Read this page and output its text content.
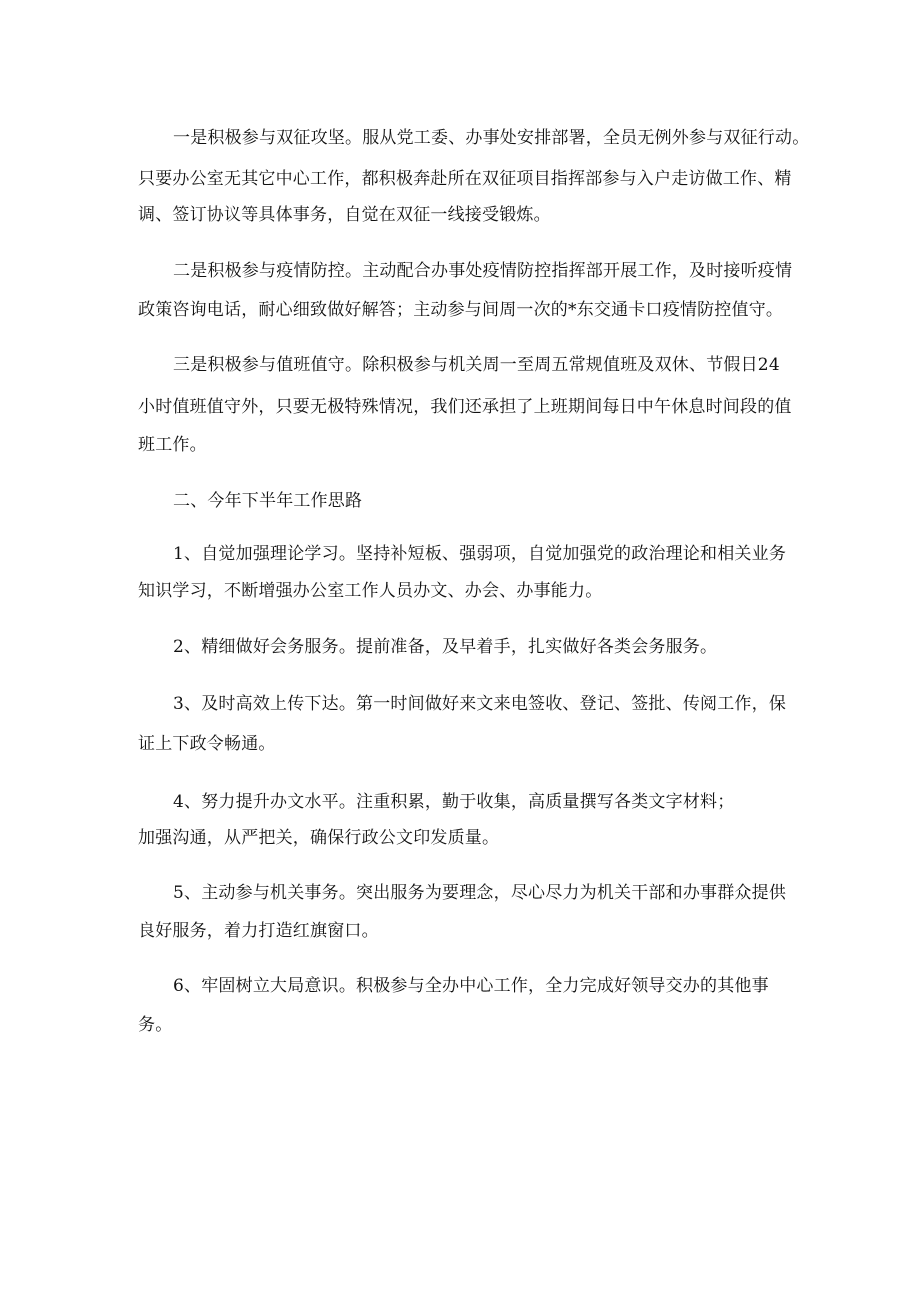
一是积极参与双征攻坚。服从党工委、办事处安排部署，全员无例外参与双征行动。
只要办公室无其它中心工作，都积极奔赴所在双征项目指挥部参与入户走访做工作、精
调、签订协议等具体事务，自觉在双征一线接受锻炼。
二是积极参与疫情防控。主动配合办事处疫情防控指挥部开展工作，及时接听疫情
政策咨询电话，耐心细致做好解答；主动参与间周一次的*东交通卡口疫情防控值守。
三是积极参与值班值守。除积极参与机关周一至周五常规值班及双休、节假日24
小时值班值守外，只要无极特殊情况，我们还承担了上班期间每日中午休息时间段的值
班工作。
二、今年下半年工作思路
1、自觉加强理论学习。坚持补短板、强弱项，自觉加强党的政治理论和相关业务
知识学习，不断增强办公室工作人员办文、办会、办事能力。
2、精细做好会务服务。提前准备，及早着手，扎实做好各类会务服务。
3、及时高效上传下达。第一时间做好来文来电签收、登记、签批、传阅工作，保
证上下政令畅通。
4、努力提升办文水平。注重积累，勤于收集，高质量撰写各类文字材料；
加强沟通，从严把关，确保行政公文印发质量。
5、主动参与机关事务。突出服务为要理念，尽心尽力为机关干部和办事群众提供
良好服务，着力打造红旗窗口。
6、牢固树立大局意识。积极参与全办中心工作，全力完成好领导交办的其他事
务。
